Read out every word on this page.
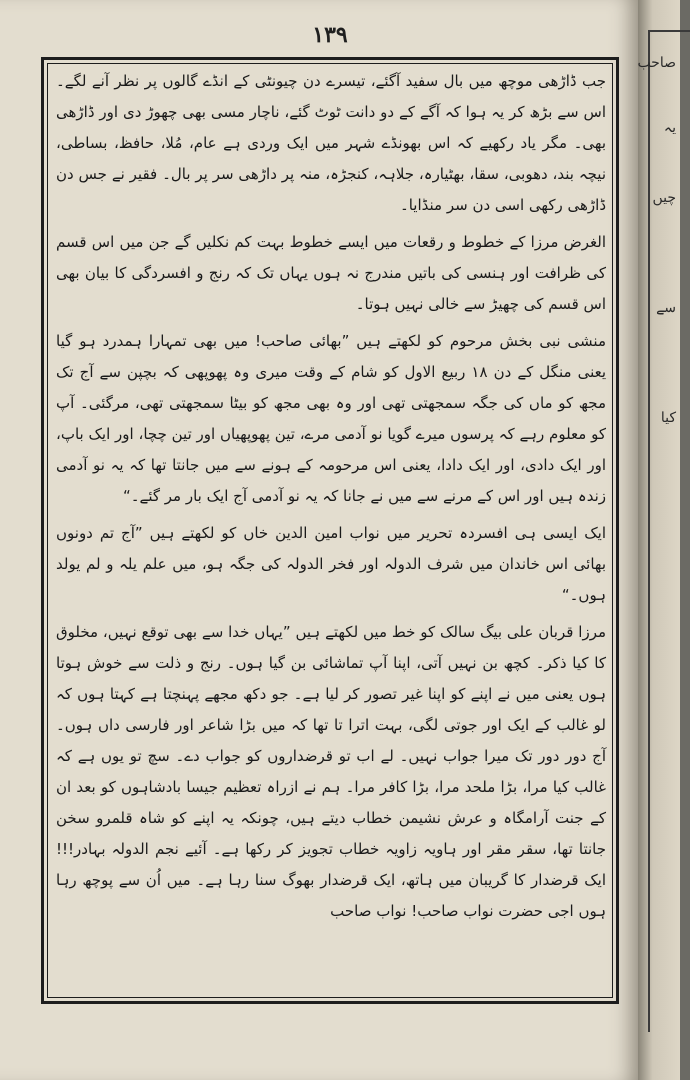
۱۳۹

جب ڈاڑھی موچھ میں بال سفید آگئے، تیسرے دن چیونٹی کے انڈے گالوں پر نظر آنے لگے۔ اس سے بڑھ کر یہ ہوا کہ آگے کے دو دانت ٹوٹ گئے، ناچار مسی بھی چھوڑ دی اور ڈاڑھی بھی۔ مگر یاد رکھیے کہ اس بھونڈے شہر میں ایک وردی ہے عام، مُلا، حافظ، بساطی، نیچہ بند، دھوبی، سقا، بھٹیارہ، جلاہہ، کنجڑہ، منہ پر داڑھی سر پر بال۔ فقیر نے جس دن ڈاڑھی رکھی اسی دن سر منڈایا۔

الغرض مرزا کے خطوط و رقعات میں ایسے خطوط بہت کم نکلیں گے جن میں اس قسم کی ظرافت اور ہنسی کی باتیں مندرج نہ ہوں یہاں تک کہ رنج و افسردگی کا بیان بھی اس قسم کی چھیڑ سے خالی نہیں ہوتا۔

منشی نبی بخش مرحوم کو لکھتے ہیں ”بھائی صاحب! میں بھی تمہارا ہمدرد ہو گیا یعنی منگل کے دن ۱۸ ربیع الاول کو شام کے وقت میری وہ پھوپھی کہ بچپن سے آج تک مجھ کو ماں کی جگہ سمجھتی تھی اور وہ بھی مجھ کو بیٹا سمجھتی تھی، مرگئی۔ آپ کو معلوم رہے کہ پرسوں میرے گویا نو آدمی مرے، تین پھوپھیاں اور تین چچا، اور ایک باپ، اور ایک دادی، اور ایک دادا، یعنی اس مرحومہ کے ہونے سے میں جانتا تھا کہ یہ نو آدمی زندہ ہیں اور اس کے مرنے سے میں نے جانا کہ یہ نو آدمی آج ایک بار مر گئے۔“

ایک ایسی ہی افسردہ تحریر میں نواب امین الدین خاں کو لکھتے ہیں ”آج تم دونوں بھائی اس خاندان میں شرف الدولہ اور فخر الدولہ کی جگہ ہو، میں علم یلہ و لم یولد ہوں۔“

مرزا قربان علی بیگ سالک کو خط میں لکھتے ہیں ”یہاں خدا سے بھی توقع نہیں، مخلوق کا کیا ذکر۔ کچھ بن نہیں آتی، اپنا آپ تماشائی بن گیا ہوں۔ رنج و ذلت سے خوش ہوتا ہوں یعنی میں نے اپنے کو اپنا غیر تصور کر لیا ہے۔ جو دکھ مجھے پہنچتا ہے کہتا ہوں کہ لو غالب کے ایک اور جوتی لگی، بہت اترا تا تھا کہ میں بڑا شاعر اور فارسی داں ہوں۔ آج دور دور تک میرا جواب نہیں۔ لے اب تو قرضداروں کو جواب دے۔ سچ تو یوں ہے کہ غالب کیا مرا، بڑا ملحد مرا، بڑا کافر مرا۔ ہم نے ازراہ تعظیم جیسا بادشاہوں کو بعد ان کے جنت آرامگاہ و عرش نشیمن خطاب دیتے ہیں، چونکہ یہ اپنے کو شاہ قلمرو سخن جانتا تھا، سقر مقر اور ہاویہ زاویہ خطاب تجویز کر رکھا ہے۔ آئیے نجم الدولہ بہادر!!! ایک قرضدار کا گریبان میں ہاتھ، ایک قرضدار بھوگ سنا رہا ہے۔ میں اُن سے پوچھ رہا ہوں اجی حضرت نواب صاحب! نواب صاحب

صاحب
یہ
چیں
سے
کیا
